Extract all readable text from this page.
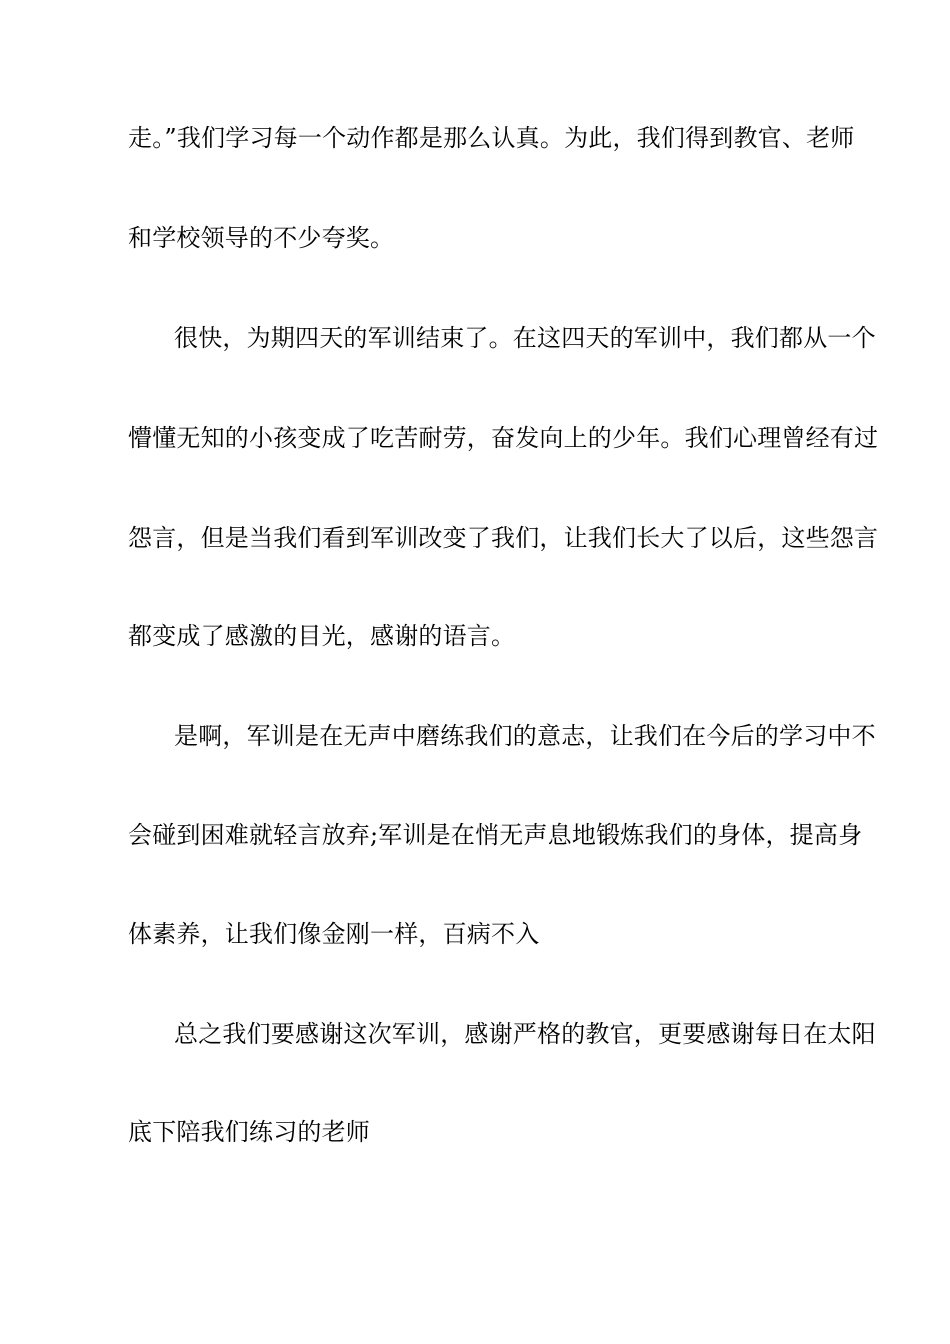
走。”我们学习每一个动作都是那么认真。为此，我们得到教官、老师
和学校领导的不少夸奖。
很快，为期四天的军训结束了。在这四天的军训中，我们都从一个
懵懂无知的小孩变成了吃苦耐劳，奋发向上的少年。我们心理曾经有过
怨言，但是当我们看到军训改变了我们，让我们长大了以后，这些怨言
都变成了感激的目光，感谢的语言。
是啊，军训是在无声中磨练我们的意志，让我们在今后的学习中不
会碰到困难就轻言放弃;军训是在悄无声息地锻炼我们的身体，提高身
体素养，让我们像金刚一样，百病不入
总之我们要感谢这次军训，感谢严格的教官，更要感谢每日在太阳
底下陪我们练习的老师
